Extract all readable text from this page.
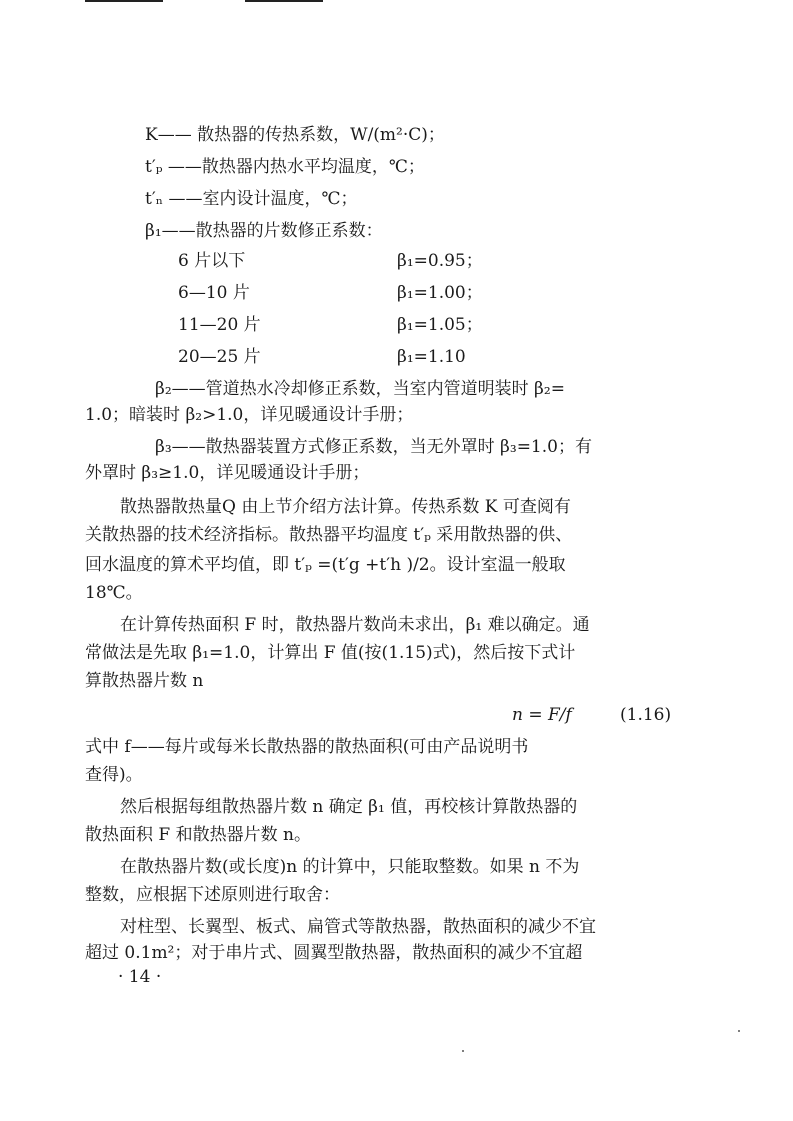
K—— 散热器的传热系数，W/(m²·C)；
t′ₚ ——散热器内热水平均温度，℃；
t′ₙ ——室内设计温度，℃；
β₁——散热器的片数修正系数：
6 片以下	β₁=0.95；
6—10 片	β₁=1.00；
11—20 片	β₁=1.05；
20—25 片	β₁=1.10
β₂——管道热水冷却修正系数，当室内管道明装时 β₂=
1.0；暗装时 β₂>1.0，详见暖通设计手册；
β₃——散热器装置方式修正系数，当无外罩时 β₃=1.0；有
外罩时 β₃≥1.0，详见暖通设计手册；
散热器散热量Q 由上节介绍方法计算。传热系数 K 可查阅有
关散热器的技术经济指标。散热器平均温度 t′ₚ 采用散热器的供、
回水温度的算术平均值，即 t′ₚ =(t′g +t′h )/2。设计室温一般取
18℃。
在计算传热面积 F 时，散热器片数尚未求出，β₁ 难以确定。通
常做法是先取 β₁=1.0，计算出 F 值(按(1.15)式)，然后按下式计
算散热器片数 n
n = F/f	(1.16)
式中 f——每片或每米长散热器的散热面积(可由产品说明书
查得)。
然后根据每组散热器片数 n 确定 β₁ 值，再校核计算散热器的
散热面积 F 和散热器片数 n。
在散热器片数(或长度)n 的计算中，只能取整数。如果 n 不为
整数，应根据下述原则进行取舍：
对柱型、长翼型、板式、扁管式等散热器，散热面积的减少不宜
超过 0.1m²；对于串片式、圆翼型散热器，散热面积的减少不宜超
· 14 ·
